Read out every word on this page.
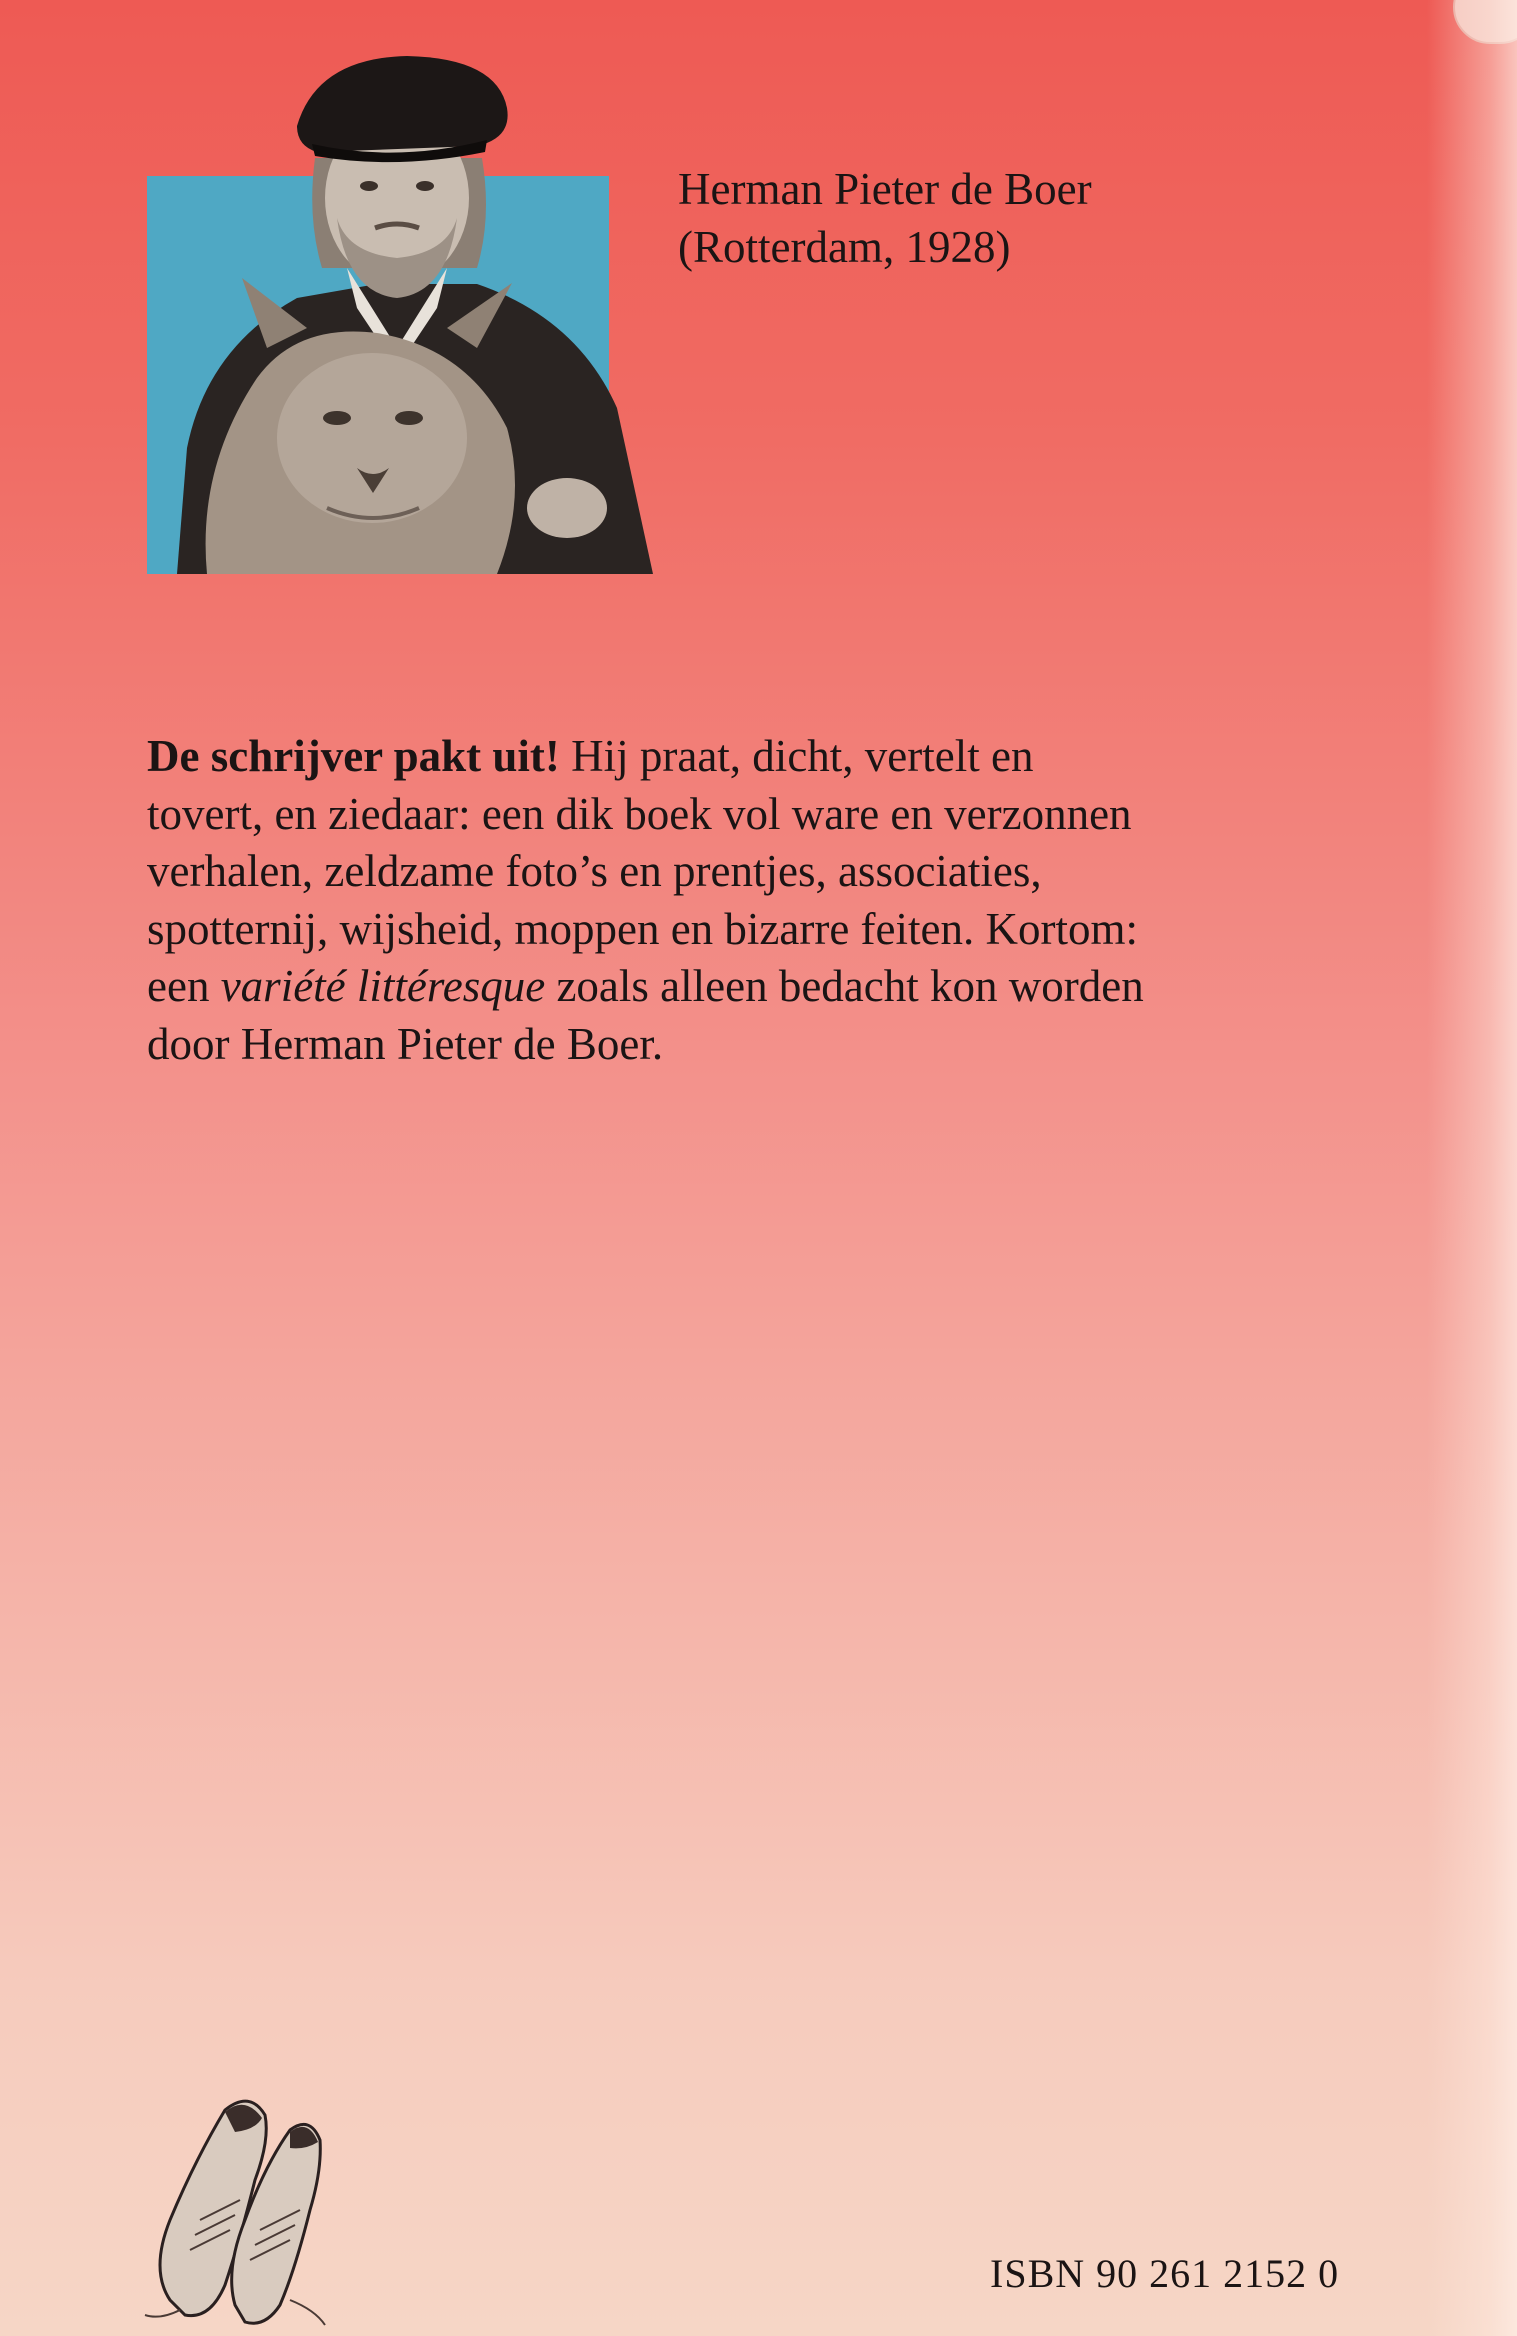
Herman Pieter de Boer
(Rotterdam, 1928)
De schrijver pakt uit! Hij praat, dicht, vertelt en
tovert, en ziedaar: een dik boek vol ware en verzonnen
verhalen, zeldzame foto’s en prentjes, associaties,
spotternij, wijsheid, moppen en bizarre feiten. Kortom:
een variété littéresque zoals alleen bedacht kon worden
door Herman Pieter de Boer.
ISBN 90 261 2152 0
